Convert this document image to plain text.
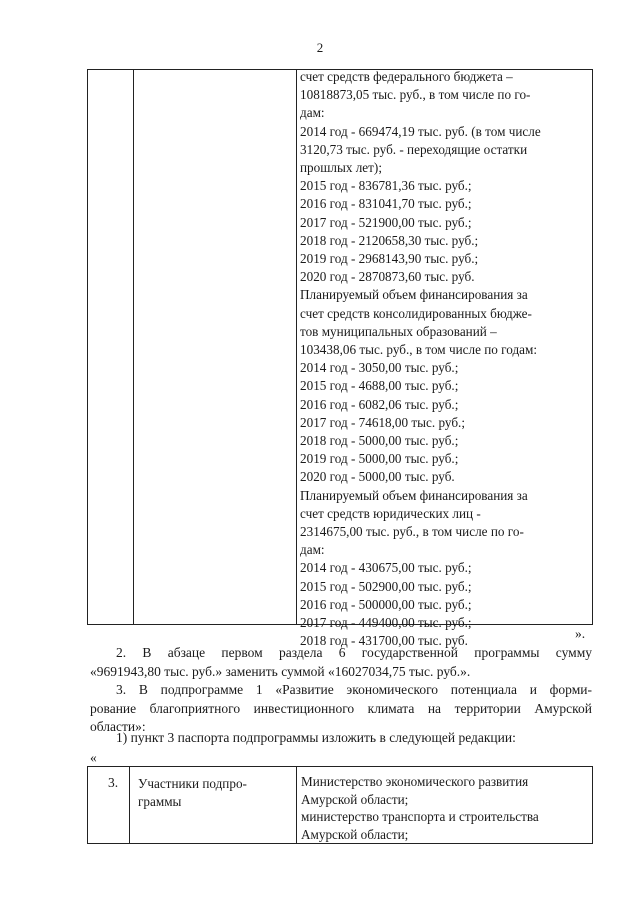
2
счет средств федерального бюджета –
10818873,05 тыс. руб., в том числе по го-
дам:
2014 год - 669474,19 тыс. руб. (в том числе
3120,73 тыс. руб. - переходящие остатки
прошлых лет);
2015 год - 836781,36 тыс. руб.;
2016 год - 831041,70 тыс. руб.;
2017 год - 521900,00 тыс. руб.;
2018 год - 2120658,30 тыс. руб.;
2019 год - 2968143,90 тыс. руб.;
2020 год - 2870873,60 тыс. руб.
Планируемый объем финансирования за
счет средств консолидированных бюдже-
тов муниципальных образований –
103438,06 тыс. руб., в том числе по годам:
2014 год - 3050,00 тыс. руб.;
2015 год - 4688,00 тыс. руб.;
2016 год - 6082,06 тыс. руб.;
2017 год - 74618,00 тыс. руб.;
2018 год - 5000,00 тыс. руб.;
2019 год - 5000,00 тыс. руб.;
2020 год - 5000,00 тыс. руб.
Планируемый объем финансирования за
счет средств юридических лиц -
2314675,00 тыс. руб., в том числе по го-
дам:
2014 год - 430675,00 тыс. руб.;
2015 год - 502900,00 тыс. руб.;
2016 год - 500000,00 тыс. руб.;
2017 год - 449400,00 тыс. руб.;
2018 год - 431700,00 тыс. руб.	».
2. В абзаце первом раздела 6 государственной программы сумму
«9691943,80 тыс. руб.» заменить суммой «16027034,75 тыс. руб.».
3. В подпрограмме 1 «Развитие экономического потенциала и форми-
рование благоприятного инвестиционного климата на территории Амурской
области»:
1) пункт 3 паспорта подпрограммы изложить в следующей редакции:
«
3. Участники подпро-
граммы
Министерство экономического развития
Амурской области;
министерство транспорта и строительства
Амурской области;
